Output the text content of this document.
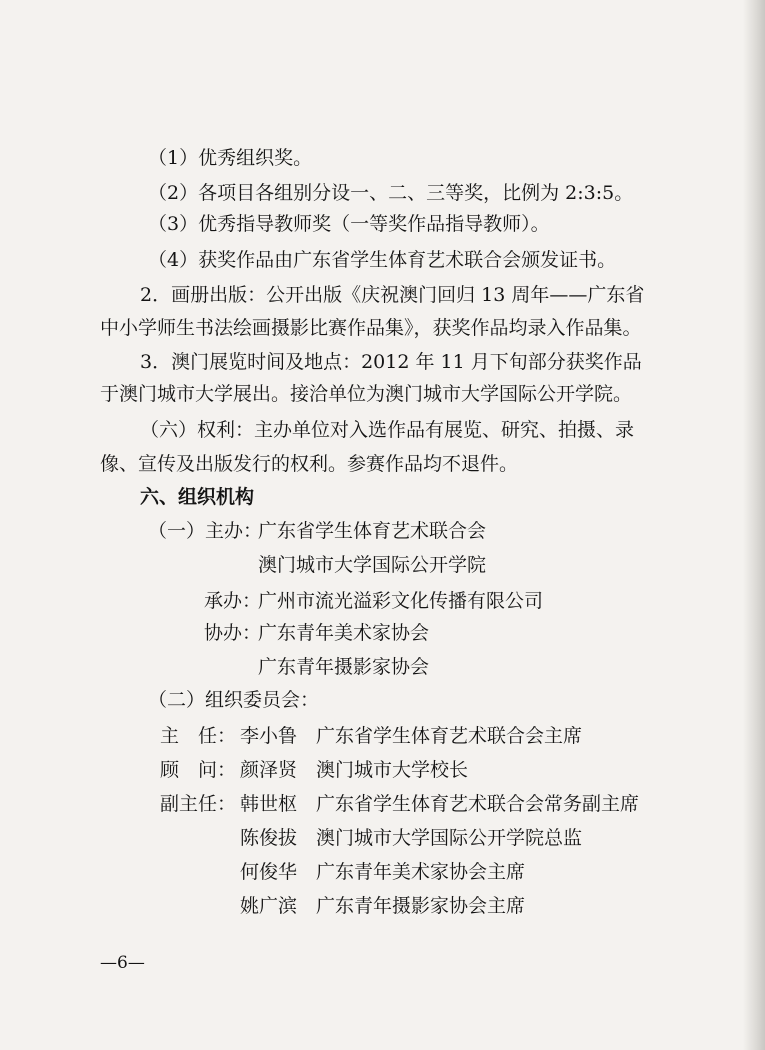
（1）优秀组织奖。
（2）各项目各组别分设一、二、三等奖，比例为 2:3:5。
（3）优秀指导教师奖（一等奖作品指导教师）。
（4）获奖作品由广东省学生体育艺术联合会颁发证书。
2．画册出版：公开出版《庆祝澳门回归 13 周年——广东省
中小学师生书法绘画摄影比赛作品集》，获奖作品均录入作品集。
3．澳门展览时间及地点：2012 年 11 月下旬部分获奖作品
于澳门城市大学展出。接洽单位为澳门城市大学国际公开学院。
（六）权利：主办单位对入选作品有展览、研究、拍摄、录
像、宣传及出版发行的权利。参赛作品均不退件。
六、组织机构
（一）主办：
广东省学生体育艺术联合会
澳门城市大学国际公开学院
承办：
广州市流光溢彩文化传播有限公司
协办：
广东青年美术家协会
广东青年摄影家协会
（二）组织委员会：
主　任： 李小鲁 广东省学生体育艺术联合会主席
顾　问： 颜泽贤 澳门城市大学校长
副主任： 韩世枢 广东省学生体育艺术联合会常务副主席
陈俊拔 澳门城市大学国际公开学院总监
何俊华 广东青年美术家协会主席
姚广滨 广东青年摄影家协会主席
—6—
